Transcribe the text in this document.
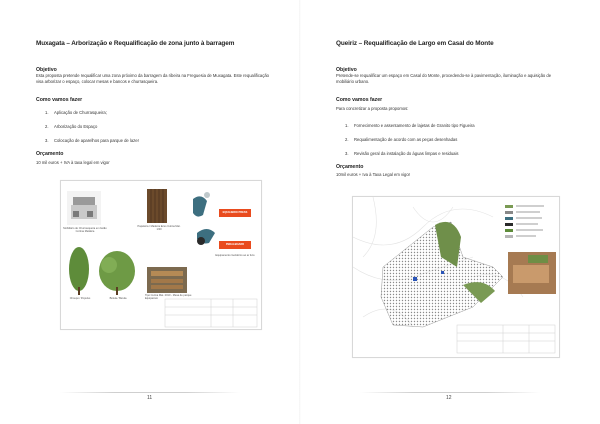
Muxagata – Arborização e Requalificação de zona junto à barragem
Objetivo
Esta proposta pretende requalificar uma zona próximo da barragem da ribeira na Freguesia de Muxagata. Este requalificação visa arborizar o espaço, colocar mesas e bancos e churrasqueira.
Como vamos fazer
1. Aplicação de Churrasqueira;
2. Arborização do Espaço
3. Colocação de aparelhos para parque de lazer
Orçamento
10 mil euros + IVA à taxa legal em vigor
Mobiliário de Churrasqueira em betão Cortina Metálica
Papeleira / Madeira Ecus Cutina Mat. 1/30
Equipamento Geriátrico ao ar livre
Choupo / Populus	Bétula / Betula
Tipo Cutina Mat. 2010 - Mesa de parque Equipazam
EQUILIBRIO PRESS
PEDALBOARD
11
Queiriz – Requalificação de Largo em Casal do Monte
Objetivo
Pretende-se requalificar um espaço em Casal do Monte, procedendo-se à pavimentação, iluminação e aquisição de mobiliário urbano.
Como vamos fazer
Para concretizar a proposta propomos:
1. Fornecimento e assentamento de lajetas de Granito tipo Figueira
2. Requalimentação de acordo com as peças desenhadas
3. Revisão geral da instalação do águas limpas e residuais
Orçamento
10mil euros + Iva à Taxa Legal em vigor
12
